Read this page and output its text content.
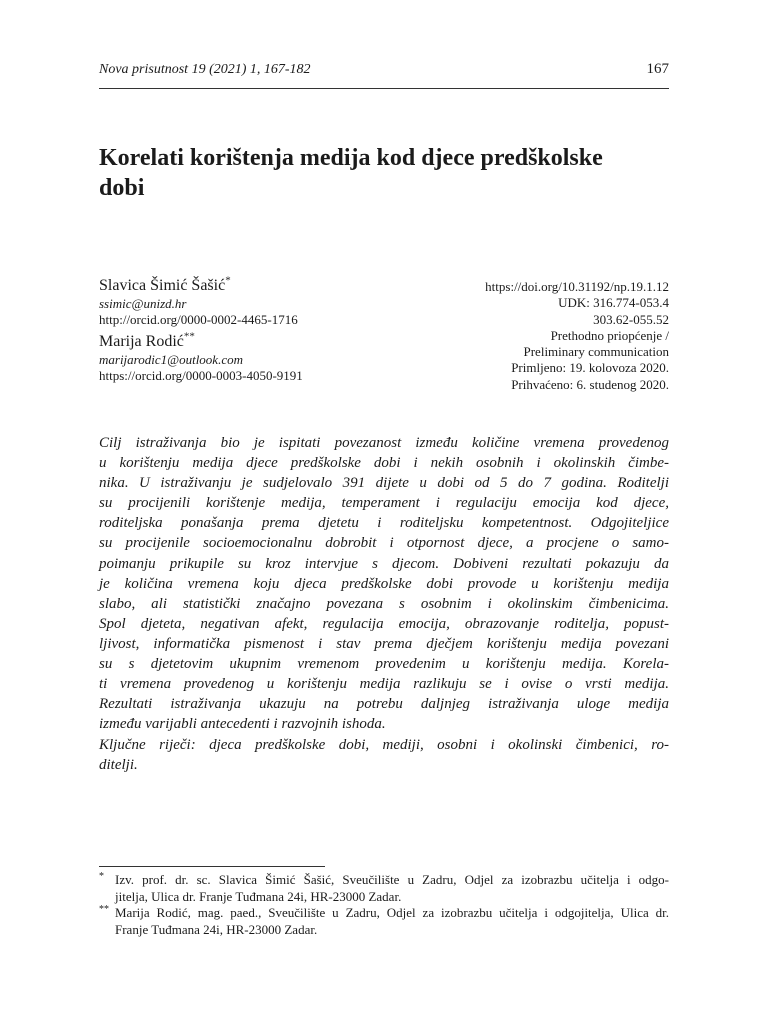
Nova prisutnost 19 (2021) 1, 167-182	167
Korelati korištenja medija kod djece predškolske
dobi
Slavica Šimić Šašić*
ssimic@unizd.hr
http://orcid.org/0000-0002-4465-1716
Marija Rodić**
marijarodic1@outlook.com
https://orcid.org/0000-0003-4050-9191
https://doi.org/10.31192/np.19.1.12
UDK: 316.774-053.4
303.62-055.52
Prethodno priopćenje /
Preliminary communication
Primljeno: 19. kolovoza 2020.
Prihvaćeno: 6. studenog 2020.
Cilj istraživanja bio je ispitati povezanost između količine vremena provedenog
u korištenju medija djece predškolske dobi i nekih osobnih i okolinskih čimbe-
nika. U istraživanju je sudjelovalo 391 dijete u dobi od 5 do 7 godina. Roditelji
su procijenili korištenje medija, temperament i regulaciju emocija kod djece,
roditeljska ponašanja prema djetetu i roditeljsku kompetentnost. Odgojiteljice
su procijenile socioemocionalnu dobrobit i otpornost djece, a procjene o samo-
poimanju prikupile su kroz intervjue s djecom. Dobiveni rezultati pokazuju da
je količina vremena koju djeca predškolske dobi provode u korištenju medija
slabo, ali statistički značajno povezana s osobnim i okolinskim čimbenicima.
Spol djeteta, negativan afekt, regulacija emocija, obrazovanje roditelja, popust-
ljivost, informatička pismenost i stav prema dječjem korištenju medija povezani
su s djetetovim ukupnim vremenom provedenim u korištenju medija. Korela-
ti vremena provedenog u korištenju medija razlikuju se i ovise o vrsti medija.
Rezultati istraživanja ukazuju na potrebu daljnjeg istraživanja uloge medija
između varijabli antecedenti i razvojnih ishoda.
Ključne riječi: djeca predškolske dobi, mediji, osobni i okolinski čimbenici, ro-
ditelji.
* Izv. prof. dr. sc. Slavica Šimić Šašić, Sveučilište u Zadru, Odjel za izobrazbu učitelja i odgo-
jitelja, Ulica dr. Franje Tuđmana 24i, HR-23000 Zadar.
** Marija Rodić, mag. paed., Sveučilište u Zadru, Odjel za izobrazbu učitelja i odgojitelja, Ulica dr.
Franje Tuđmana 24i, HR-23000 Zadar.
